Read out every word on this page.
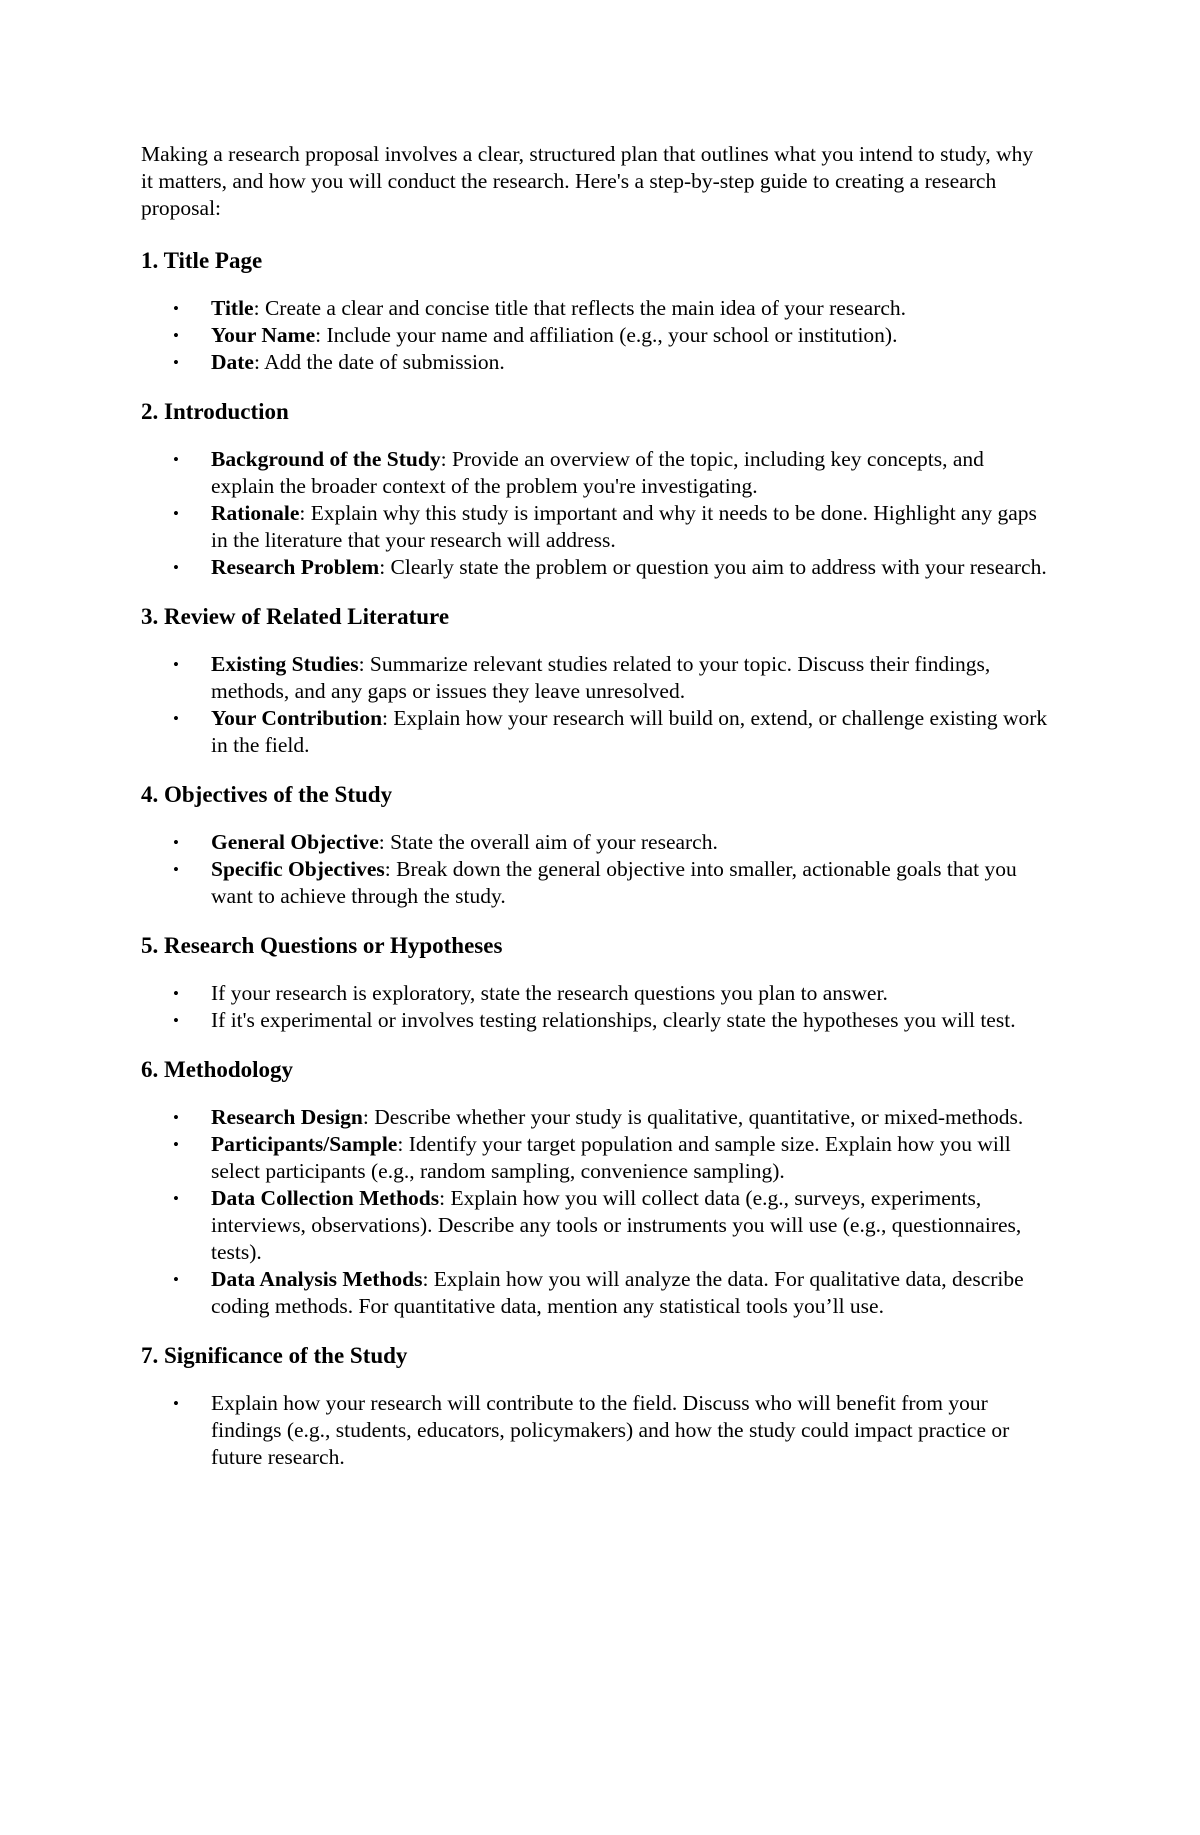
Making a research proposal involves a clear, structured plan that outlines what you intend to study, why it matters, and how you will conduct the research. Here's a step-by-step guide to creating a research proposal:

1. Title Page
• Title: Create a clear and concise title that reflects the main idea of your research.
• Your Name: Include your name and affiliation (e.g., your school or institution).
• Date: Add the date of submission.
2. Introduction
• Background of the Study: Provide an overview of the topic, including key concepts, and explain the broader context of the problem you're investigating.
• Rationale: Explain why this study is important and why it needs to be done. Highlight any gaps in the literature that your research will address.
• Research Problem: Clearly state the problem or question you aim to address with your research.
3. Review of Related Literature
• Existing Studies: Summarize relevant studies related to your topic. Discuss their findings, methods, and any gaps or issues they leave unresolved.
• Your Contribution: Explain how your research will build on, extend, or challenge existing work in the field.
4. Objectives of the Study
• General Objective: State the overall aim of your research.
• Specific Objectives: Break down the general objective into smaller, actionable goals that you want to achieve through the study.
5. Research Questions or Hypotheses
• If your research is exploratory, state the research questions you plan to answer.
• If it's experimental or involves testing relationships, clearly state the hypotheses you will test.
6. Methodology
• Research Design: Describe whether your study is qualitative, quantitative, or mixed-methods.
• Participants/Sample: Identify your target population and sample size. Explain how you will select participants (e.g., random sampling, convenience sampling).
• Data Collection Methods: Explain how you will collect data (e.g., surveys, experiments, interviews, observations). Describe any tools or instruments you will use (e.g., questionnaires, tests).
• Data Analysis Methods: Explain how you will analyze the data. For qualitative data, describe coding methods. For quantitative data, mention any statistical tools you’ll use.
7. Significance of the Study
• Explain how your research will contribute to the field. Discuss who will benefit from your findings (e.g., students, educators, policymakers) and how the study could impact practice or future research.
